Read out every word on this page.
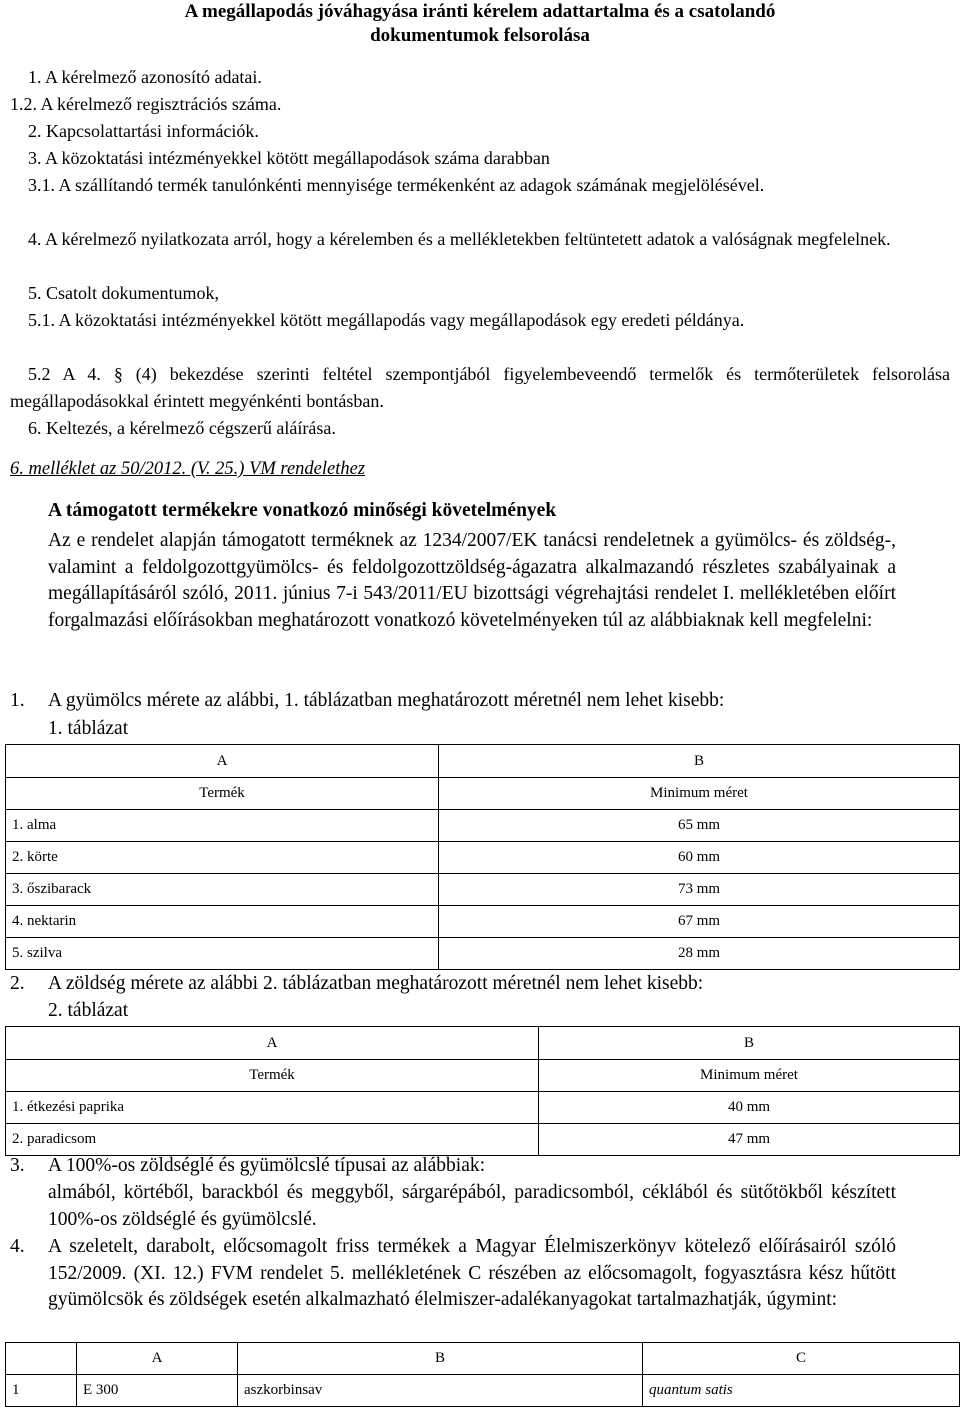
A megállapodás jóváhagyása iránti kérelem adattartalma és a csatolandó
dokumentumok felsorolása
1. A kérelmező azonosító adatai.
1.2. A kérelmező regisztrációs száma.
2. Kapcsolattartási információk.
3. A közoktatási intézményekkel kötött megállapodások száma darabban
3.1. A szállítandó termék tanulónkénti mennyisége termékenként az adagok számának megjelölésével.
4. A kérelmező nyilatkozata arról, hogy a kérelemben és a mellékletekben feltüntetett adatok a valóságnak megfelelnek.
5. Csatolt dokumentumok,
5.1. A közoktatási intézményekkel kötött megállapodás vagy megállapodások egy eredeti példánya.
5.2 A 4. § (4) bekezdése szerinti feltétel szempontjából figyelembeveendő termelők és termőterületek felsorolása megállapodásokkal érintett megyénkénti bontásban.
6. Keltezés, a kérelmező cégszerű aláírása.
6. melléklet az 50/2012. (V. 25.) VM rendelethez
A támogatott termékekre vonatkozó minőségi követelmények
Az e rendelet alapján támogatott terméknek az 1234/2007/EK tanácsi rendeletnek a gyümölcs- és zöldség-, valamint a feldolgozottgyümölcs- és feldolgozottzöldség-ágazatra alkalmazandó részletes szabályainak a megállapításáról szóló, 2011. június 7-i 543/2011/EU bizottsági végrehajtási rendelet I. mellékletében előírt forgalmazási előírásokban meghatározott vonatkozó követelményeken túl az alábbiaknak kell megfelelni:
1. A gyümölcs mérete az alábbi, 1. táblázatban meghatározott méretnél nem lehet kisebb:
1. táblázat
A	B
Termék	Minimum méret
1. alma	65 mm
2. körte	60 mm
3. őszibarack	73 mm
4. nektarin	67 mm
5. szilva	28 mm
2. A zöldség mérete az alábbi 2. táblázatban meghatározott méretnél nem lehet kisebb:
2. táblázat
A	B
Termék	Minimum méret
1. étkezési paprika	40 mm
2. paradicsom	47 mm
3. A 100%-os zöldséglé és gyümölcslé típusai az alábbiak:
almából, körtéből, barackból és meggyből, sárgarépából, paradicsomból, céklából és sütőtökből készített 100%-os zöldséglé és gyümölcslé.
4. A szeletelt, darabolt, előcsomagolt friss termékek a Magyar Élelmiszerkönyv kötelező előírásairól szóló 152/2009. (XI. 12.) FVM rendelet 5. mellékletének C részében az előcsomagolt, fogyasztásra kész hűtött gyümölcsök és zöldségek esetén alkalmazható élelmiszer-adalékanyagokat tartalmazhatják, úgymint:
	A	B	C
1	E 300	aszkorbinsav	quantum satis
